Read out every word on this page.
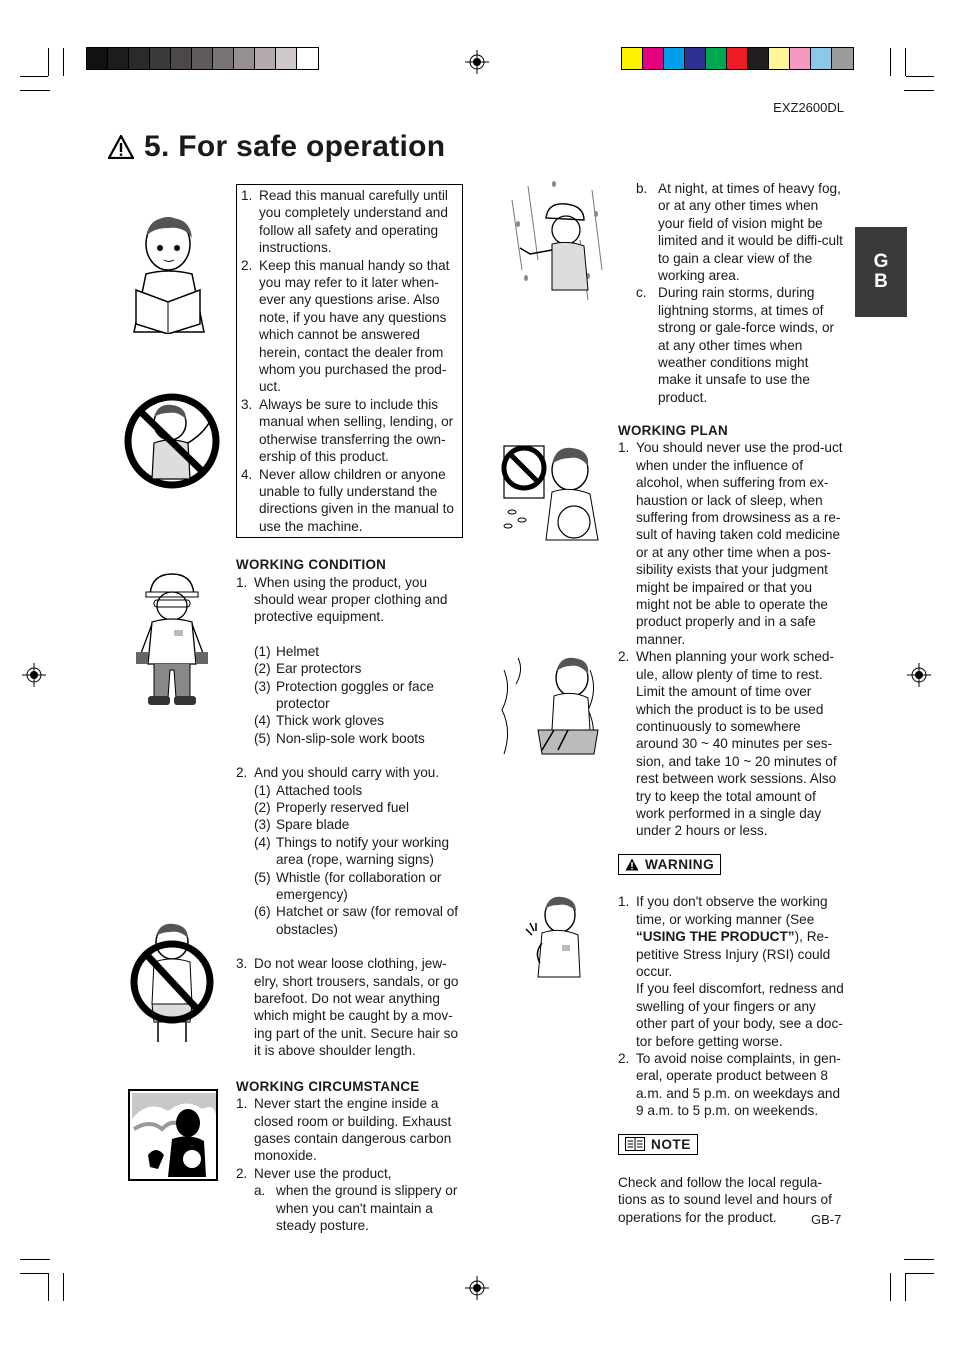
EXZ2600DL
5. For safe operation
G
B
1. Read this manual carefully until you completely understand and follow all safety and operating instructions.
2. Keep this manual handy so that you may refer to it later when-ever any questions arise. Also note, if you have any questions which cannot be answered herein, contact the dealer from whom you purchased the prod-uct.
3. Always be sure to include this manual when selling, lending, or otherwise transferring the own-ership of this product.
4. Never allow children or anyone unable to fully understand the directions given in the manual to use the machine.

WORKING CONDITION

1. When using the product, you should wear proper clothing and protective equipment.
(1) Helmet
(2) Ear protectors
(3) Protection goggles or face protector
(4) Thick work gloves
(5) Non-slip-sole work boots
2. And you should carry with you.
(1) Attached tools
(2) Properly reserved fuel
(3) Spare blade
(4) Things to notify your working area (rope, warning signs)
(5) Whistle (for collaboration or emergency)
(6) Hatchet or saw (for removal of obstacles)
3. Do not wear loose clothing, jew-elry, short trousers, sandals, or go barefoot. Do not wear anything which might be caught by a mov-ing part of the unit. Secure hair so it is above shoulder length.

WORKING CIRCUMSTANCE

1. Never start the engine inside a closed room or building. Exhaust gases contain dangerous carbon monoxide.
2. Never use the product,
a. when the ground is slippery or when you can't maintain a steady posture.
b. At night, at times of heavy fog, or at any other times when your field of vision might be limited and it would be diffi-cult to gain a clear view of the working area.
c. During rain storms, during lightning storms, at times of strong or gale-force winds, or at any other times when weather conditions might make it unsafe to use the product.

WORKING PLAN

1. You should never use the prod-uct when under the influence of alcohol, when suffering from ex-haustion or lack of sleep, when suffering from drowsiness as a re-sult of having taken cold medicine or at any other time when a pos-sibility exists that your judgment might be impaired or that you might not be able to operate the product properly and in a safe manner.
2. When planning your work sched-ule, allow plenty of time to rest. Limit the amount of time over which the product is to be used continuously to somewhere around 30 ~ 40 minutes per ses-sion, and take 10 ~ 20 minutes of rest between work sessions. Also try to keep the total amount of work performed in a single day under 2 hours or less.
WARNING
1. If you don't observe the working time, or working manner (See “USING THE PRODUCT”), Re-petitive Stress Injury (RSI) could occur.
If you feel discomfort, redness and swelling of your fingers or any other part of your body, see a doc-tor before getting worse.
2. To avoid noise complaints, in gen-eral, operate product between 8 a.m. and 5 p.m. on weekdays and 9 a.m. to 5 p.m. on weekends.
NOTE

Check and follow the local regula-tions as to sound level and hours of operations for the product.	GB-7
